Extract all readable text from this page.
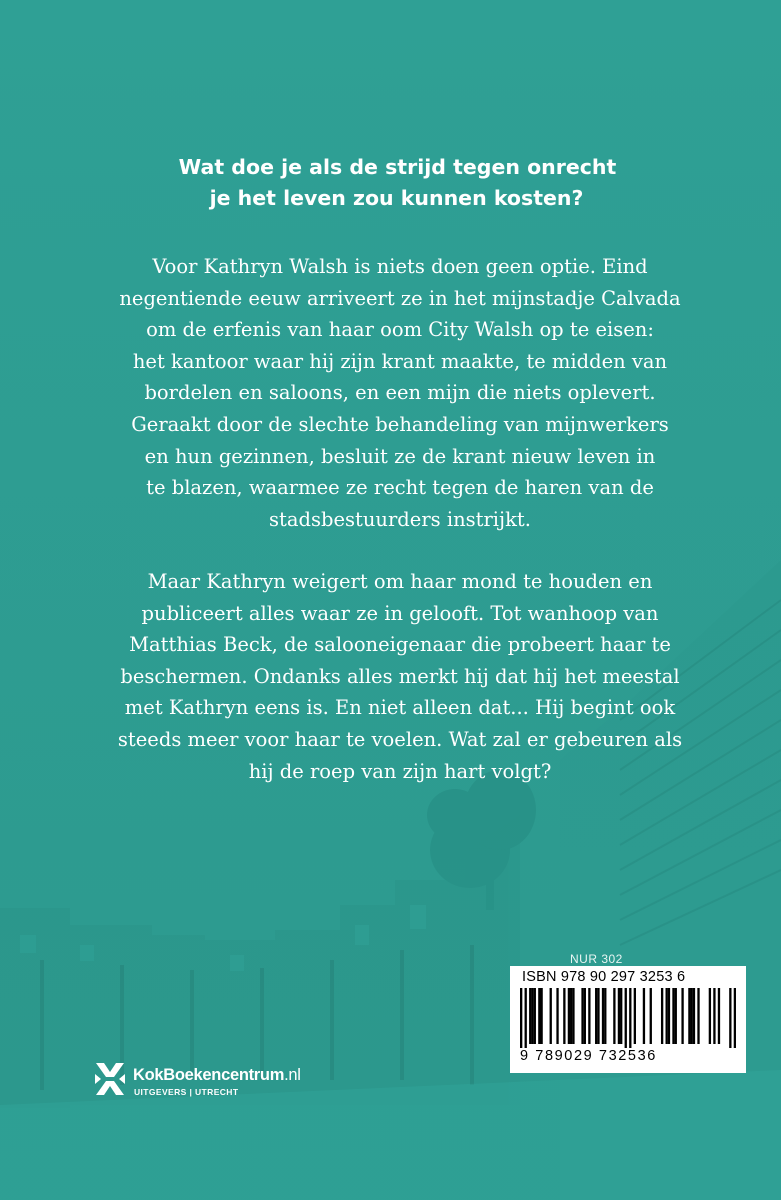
Wat doe je als de strijd tegen onrecht
je het leven zou kunnen kosten?

Voor Kathryn Walsh is niets doen geen optie. Eind
negentiende eeuw arriveert ze in het mijnstadje Calvada
om de erfenis van haar oom City Walsh op te eisen:
het kantoor waar hij zijn krant maakte, te midden van
bordelen en saloons, en een mijn die niets oplevert.
Geraakt door de slechte behandeling van mijnwerkers
en hun gezinnen, besluit ze de krant nieuw leven in
te blazen, waarmee ze recht tegen de haren van de
stadsbestuurders instrijkt.

Maar Kathryn weigert om haar mond te houden en
publiceert alles waar ze in gelooft. Tot wanhoop van
Matthias Beck, de salooneigenaar die probeert haar te
beschermen. Ondanks alles merkt hij dat hij het meestal
met Kathryn eens is. En niet alleen dat... Hij begint ook
steeds meer voor haar te voelen. Wat zal er gebeuren als
hij de roep van zijn hart volgt?

NUR 302
ISBN 978 90 297 3253 6
9 789029 732536
KokBoekencentrum.nl
UITGEVERS | UTRECHT
